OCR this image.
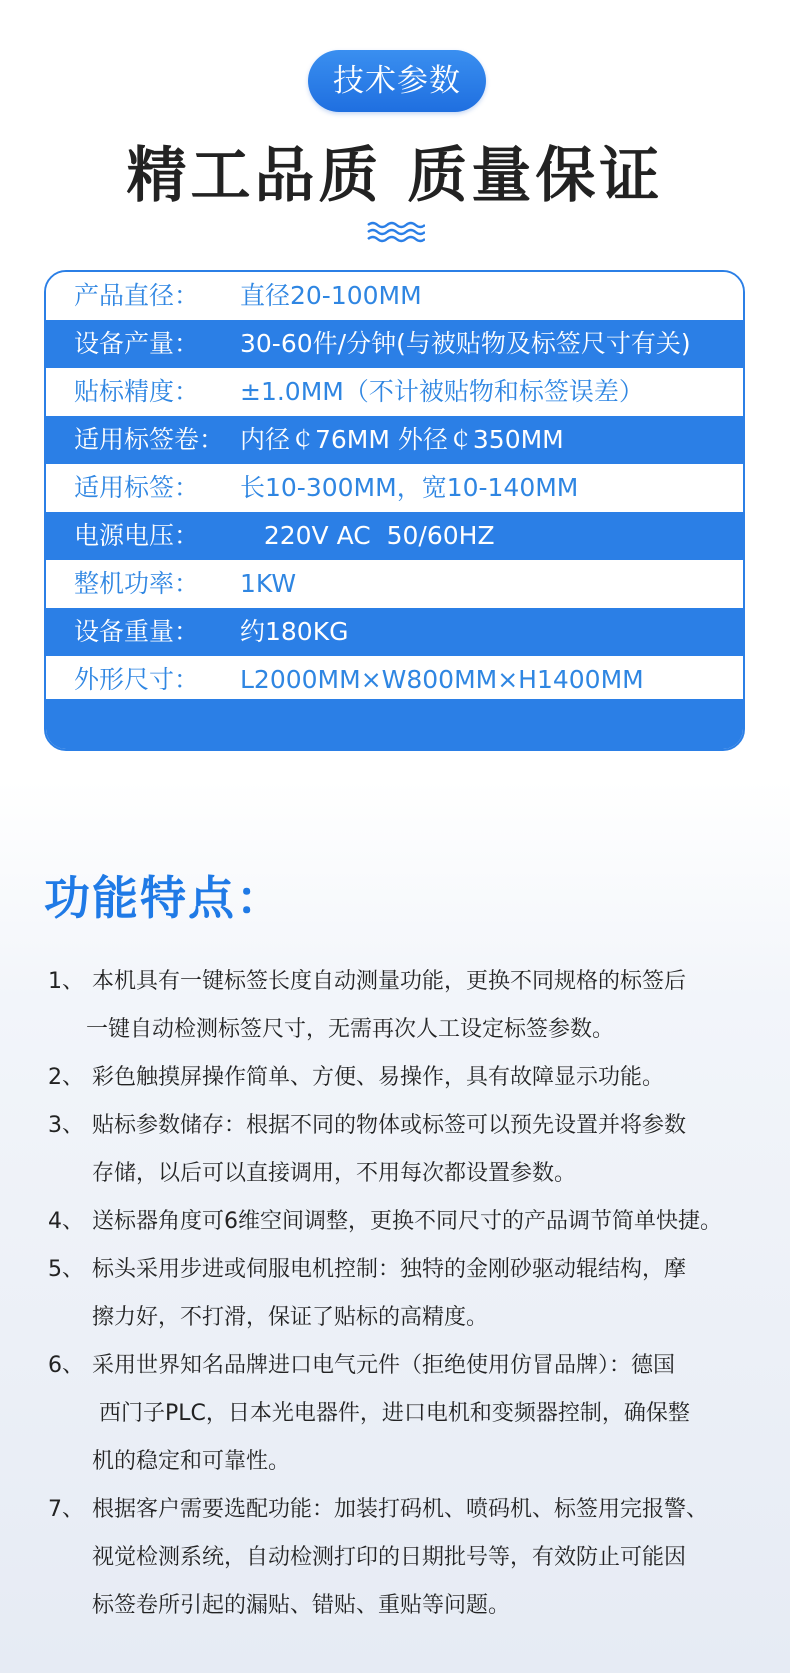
技术参数
精工品质 质量保证
产品直径： 直径20-100MM
设备产量： 30-60件/分钟(与被贴物及标签尺寸有关)
贴标精度： ±1.0MM（不计被贴物和标签误差）
适用标签卷： 内径￠76MM 外径￠350MM
适用标签： 长10-300MM，宽10-140MM
电源电压： 220V AC  50/60HZ
整机功率： 1KW
设备重量： 约180KG
外形尺寸： L2000MM×W800MM×H1400MM
功能特点：
1、 本机具有一键标签长度自动测量功能，更换不同规格的标签后
一键自动检测标签尺寸，无需再次人工设定标签参数。
2、 彩色触摸屏操作简单、方便、易操作，具有故障显示功能。
3、 贴标参数储存：根据不同的物体或标签可以预先设置并将参数
存储，以后可以直接调用，不用每次都设置参数。
4、 送标器角度可6维空间调整，更换不同尺寸的产品调节简单快捷。
5、 标头采用步进或伺服电机控制：独特的金刚砂驱动辊结构，摩
擦力好，不打滑，保证了贴标的高精度。
6、 采用世界知名品牌进口电气元件（拒绝使用仿冒品牌）：德国
西门子PLC，日本光电器件，进口电机和变频器控制，确保整
机的稳定和可靠性。
7、 根据客户需要选配功能：加装打码机、喷码机、标签用完报警、
视觉检测系统，自动检测打印的日期批号等，有效防止可能因
标签卷所引起的漏贴、错贴、重贴等问题。
